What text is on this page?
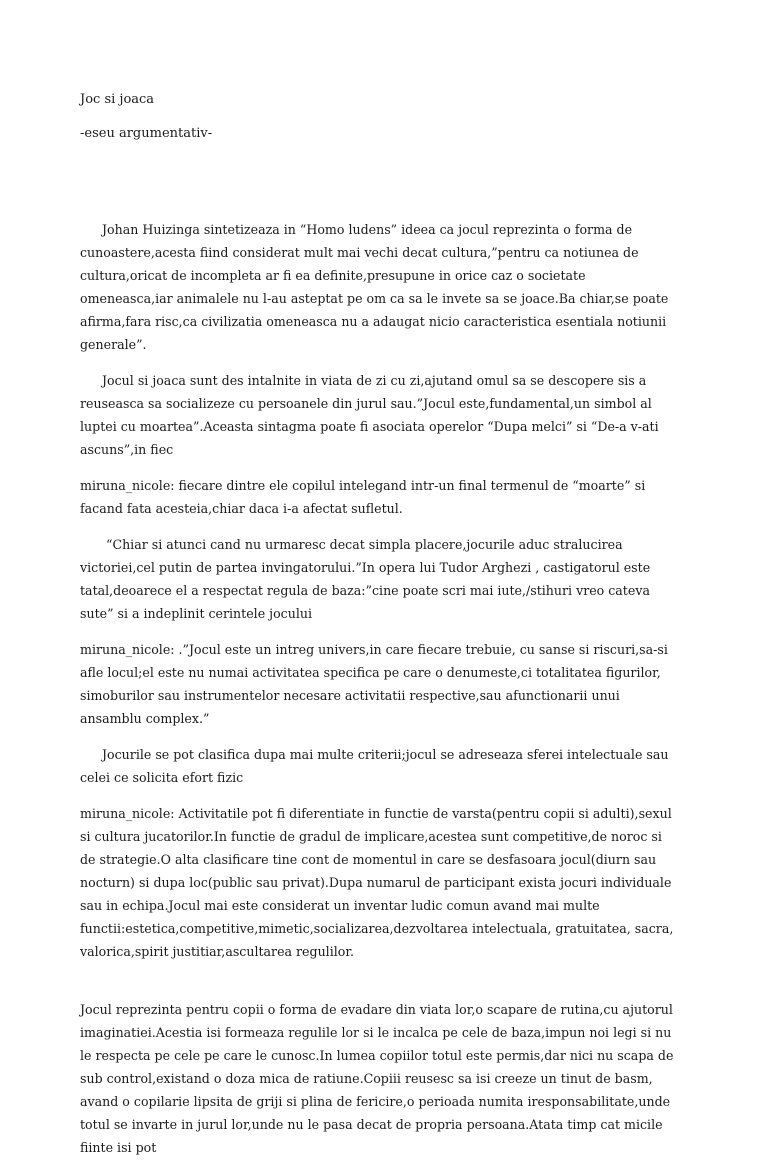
Joc si joaca
-eseu argumentativ-

Johan Huizinga sintetizeaza in “Homo ludens” ideea ca jocul reprezinta o forma de cunoastere,acesta fiind considerat mult mai vechi decat cultura,”pentru ca notiunea de cultura,oricat de incompleta ar fi ea definite,presupune in orice caz o societate omeneasca,iar animalele nu l-au asteptat pe om ca sa le invete sa se joace.Ba chiar,se poate afirma,fara risc,ca civilizatia omeneasca nu a adaugat nicio caracteristica esentiala notiunii generale”.

Jocul si joaca sunt des intalnite in viata de zi cu zi,ajutand omul sa se descopere sis a reuseasca sa socializeze cu persoanele din jurul sau.”Jocul este,fundamental,un simbol al luptei cu moartea”.Aceasta sintagma poate fi asociata operelor “Dupa melci” si “De-a v-ati ascuns”,in fiec

miruna_nicole: fiecare dintre ele copilul intelegand intr-un final termenul de “moarte” si facand fata acesteia,chiar daca i-a afectat sufletul.

“Chiar si atunci cand nu urmaresc decat simpla placere,jocurile aduc stralucirea victoriei,cel putin de partea invingatorului.”In opera lui Tudor Arghezi , castigatorul este tatal,deoarece el a respectat regula de baza:”cine poate scri mai iute,/stihuri vreo cateva sute” si a indeplinit cerintele jocului

miruna_nicole: .”Jocul este un intreg univers,in care fiecare trebuie, cu sanse si riscuri,sa-si afle locul;el este nu numai activitatea specifica pe care o denumeste,ci totalitatea figurilor, simoburilor sau instrumentelor necesare activitatii respective,sau afunctionarii unui ansamblu complex.”

Jocurile se pot clasifica dupa mai multe criterii;jocul se adreseaza sferei intelectuale sau celei ce solicita efort fizic

miruna_nicole: Activitatile pot fi diferentiate in functie de varsta(pentru copii si adulti),sexul si cultura jucatorilor.In functie de gradul de implicare,acestea sunt competitive,de noroc si de strategie.O alta clasificare tine cont de momentul in care se desfasoara jocul(diurn sau nocturn) si dupa loc(public sau privat).Dupa numarul de participant exista jocuri individuale sau in echipa.Jocul mai este considerat un inventar ludic comun avand mai multe functii:estetica,competitive,mimetic,socializarea,dezvoltarea intelectuala, gratuitatea, sacra, valorica,spirit justitiar,ascultarea regulilor.

Jocul reprezinta pentru copii o forma de evadare din viata lor,o scapare de rutina,cu ajutorul imaginatiei.Acestia isi formeaza regulile lor si le incalca pe cele de baza,impun noi legi si nu le respecta pe cele pe care le cunosc.In lumea copiilor totul este permis,dar nici nu scapa de sub control,existand o doza mica de ratiune.Copiii reusesc sa isi creeze un tinut de basm, avand o copilarie lipsita de griji si plina de fericire,o perioada numita iresponsabilitate,unde totul se invarte in jurul lor,unde nu le pasa decat de propria persoana.Atata timp cat micile fiinte isi pot
